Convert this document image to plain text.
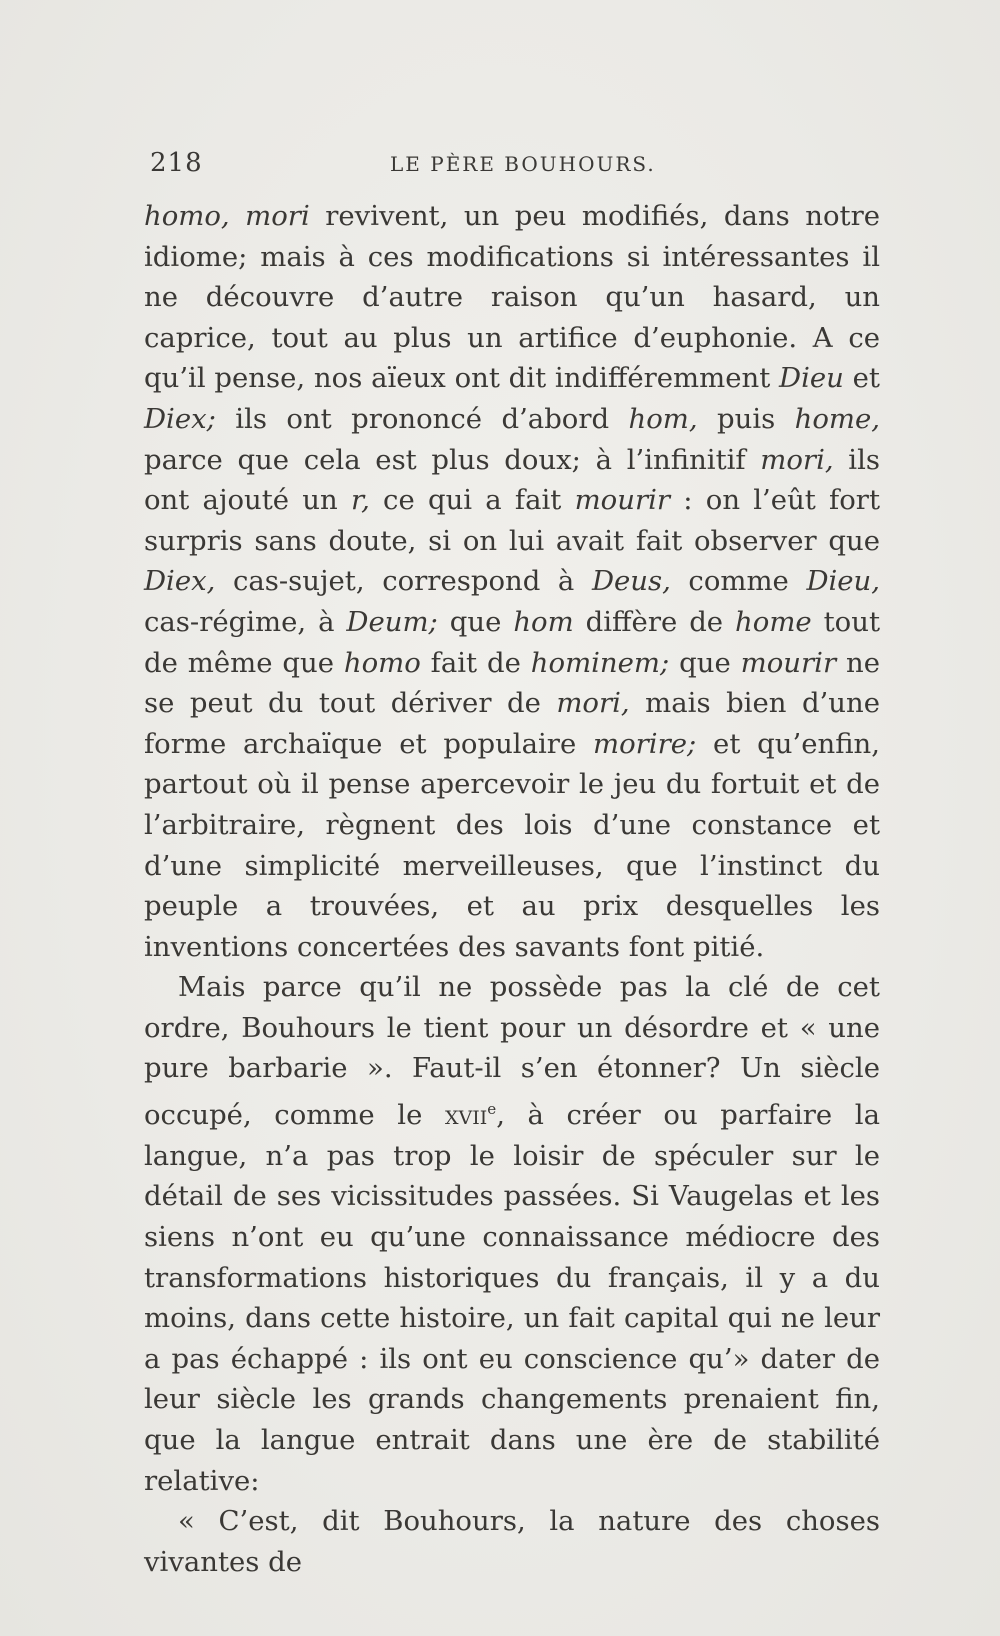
218	LE PÈRE BOUHOURS.

homo, mori revivent, un peu modifiés, dans notre idiome; mais à ces modifications si intéressantes il ne découvre d’autre raison qu’un hasard, un caprice, tout au plus un artifice d’euphonie. A ce qu’il pense, nos aïeux ont dit indifféremment Dieu et Diex; ils ont prononcé d’abord hom, puis home, parce que cela est plus doux; à l’infinitif mori, ils ont ajouté un r, ce qui a fait mourir : on l’eût fort surpris sans doute, si on lui avait fait observer que Diex, cas-sujet, correspond à Deus, comme Dieu, cas-régime, à Deum; que hom diffère de home tout de même que homo fait de hominem; que mourir ne se peut du tout dériver de mori, mais bien d’une forme archaïque et populaire morire; et qu’enfin, partout où il pense apercevoir le jeu du fortuit et de l’arbitraire, règnent des lois d’une constance et d’une simplicité merveilleuses, que l’instinct du peuple a trouvées, et au prix desquelles les inventions concertées des savants font pitié.

Mais parce qu’il ne possède pas la clé de cet ordre, Bouhours le tient pour un désordre et « une pure barbarie ». Faut-il s’en étonner? Un siècle occupé, comme le xvii$^e$, à créer ou parfaire la langue, n’a pas trop le loisir de spéculer sur le détail de ses vicissitudes passées. Si Vaugelas et les siens n’ont eu qu’une connaissance médiocre des transformations historiques du français, il y a du moins, dans cette histoire, un fait capital qui ne leur a pas échappé : ils ont eu conscience qu’» dater de leur siècle les grands changements prenaient fin, que la langue entrait dans une ère de stabilité relative:

« C’est, dit Bouhours, la nature des choses vivantes de
